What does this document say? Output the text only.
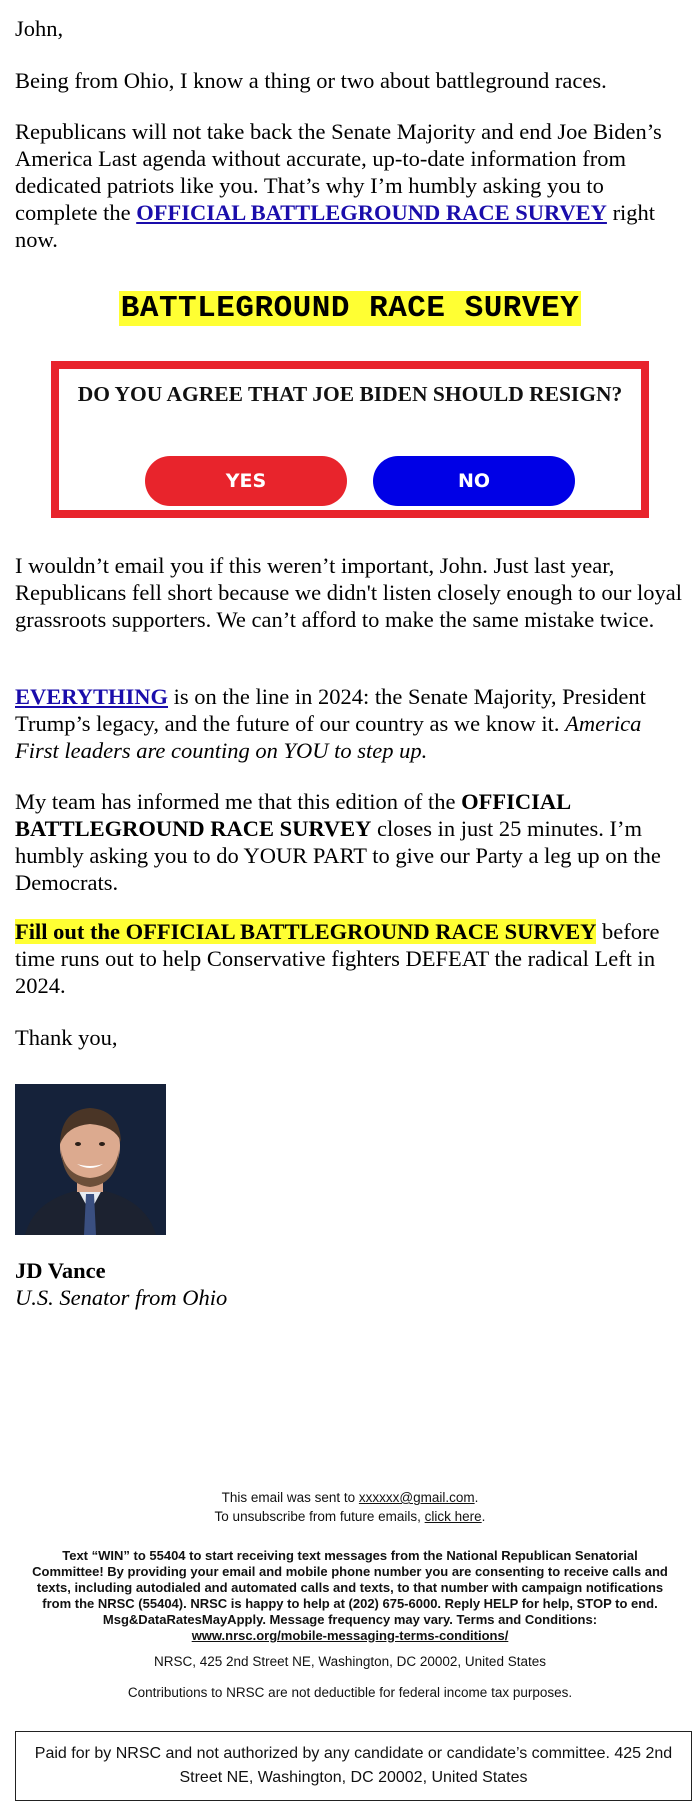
John,

Being from Ohio, I know a thing or two about battleground races.

Republicans will not take back the Senate Majority and end Joe Biden’s America Last agenda without accurate, up-to-date information from dedicated patriots like you. That’s why I’m humbly asking you to complete the OFFICIAL BATTLEGROUND RACE SURVEY right now.

BATTLEGROUND RACE SURVEY
DO YOU AGREE THAT JOE BIDEN SHOULD RESIGN?
YES	NO

I wouldn’t email you if this weren’t important, John. Just last year, Republicans fell short because we didn't listen closely enough to our loyal grassroots supporters. We can’t afford to make the same mistake twice.

EVERYTHING is on the line in 2024: the Senate Majority, President Trump’s legacy, and the future of our country as we know it. America First leaders are counting on YOU to step up.

My team has informed me that this edition of the OFFICIAL BATTLEGROUND RACE SURVEY closes in just 25 minutes. I’m humbly asking you to do YOUR PART to give our Party a leg up on the Democrats.

Fill out the OFFICIAL BATTLEGROUND RACE SURVEY before time runs out to help Conservative fighters DEFEAT the radical Left in 2024.

Thank you,

JD Vance
U.S. Senator from Ohio
This email was sent to xxxxxx@gmail.com.
To unsubscribe from future emails, click here.
Text “WIN” to 55404 to start receiving text messages from the National Republican Senatorial Committee! By providing your email and mobile phone number you are consenting to receive calls and texts, including autodialed and automated calls and texts, to that number with campaign notifications from the NRSC (55404). NRSC is happy to help at (202) 675-6000. Reply HELP for help, STOP to end. Msg&DataRatesMayApply. Message frequency may vary. Terms and Conditions:
www.nrsc.org/mobile-messaging-terms-conditions/
NRSC, 425 2nd Street NE, Washington, DC 20002, United States
Contributions to NRSC are not deductible for federal income tax purposes.
Paid for by NRSC and not authorized by any candidate or candidate’s committee. 425 2nd Street NE, Washington, DC 20002, United States
